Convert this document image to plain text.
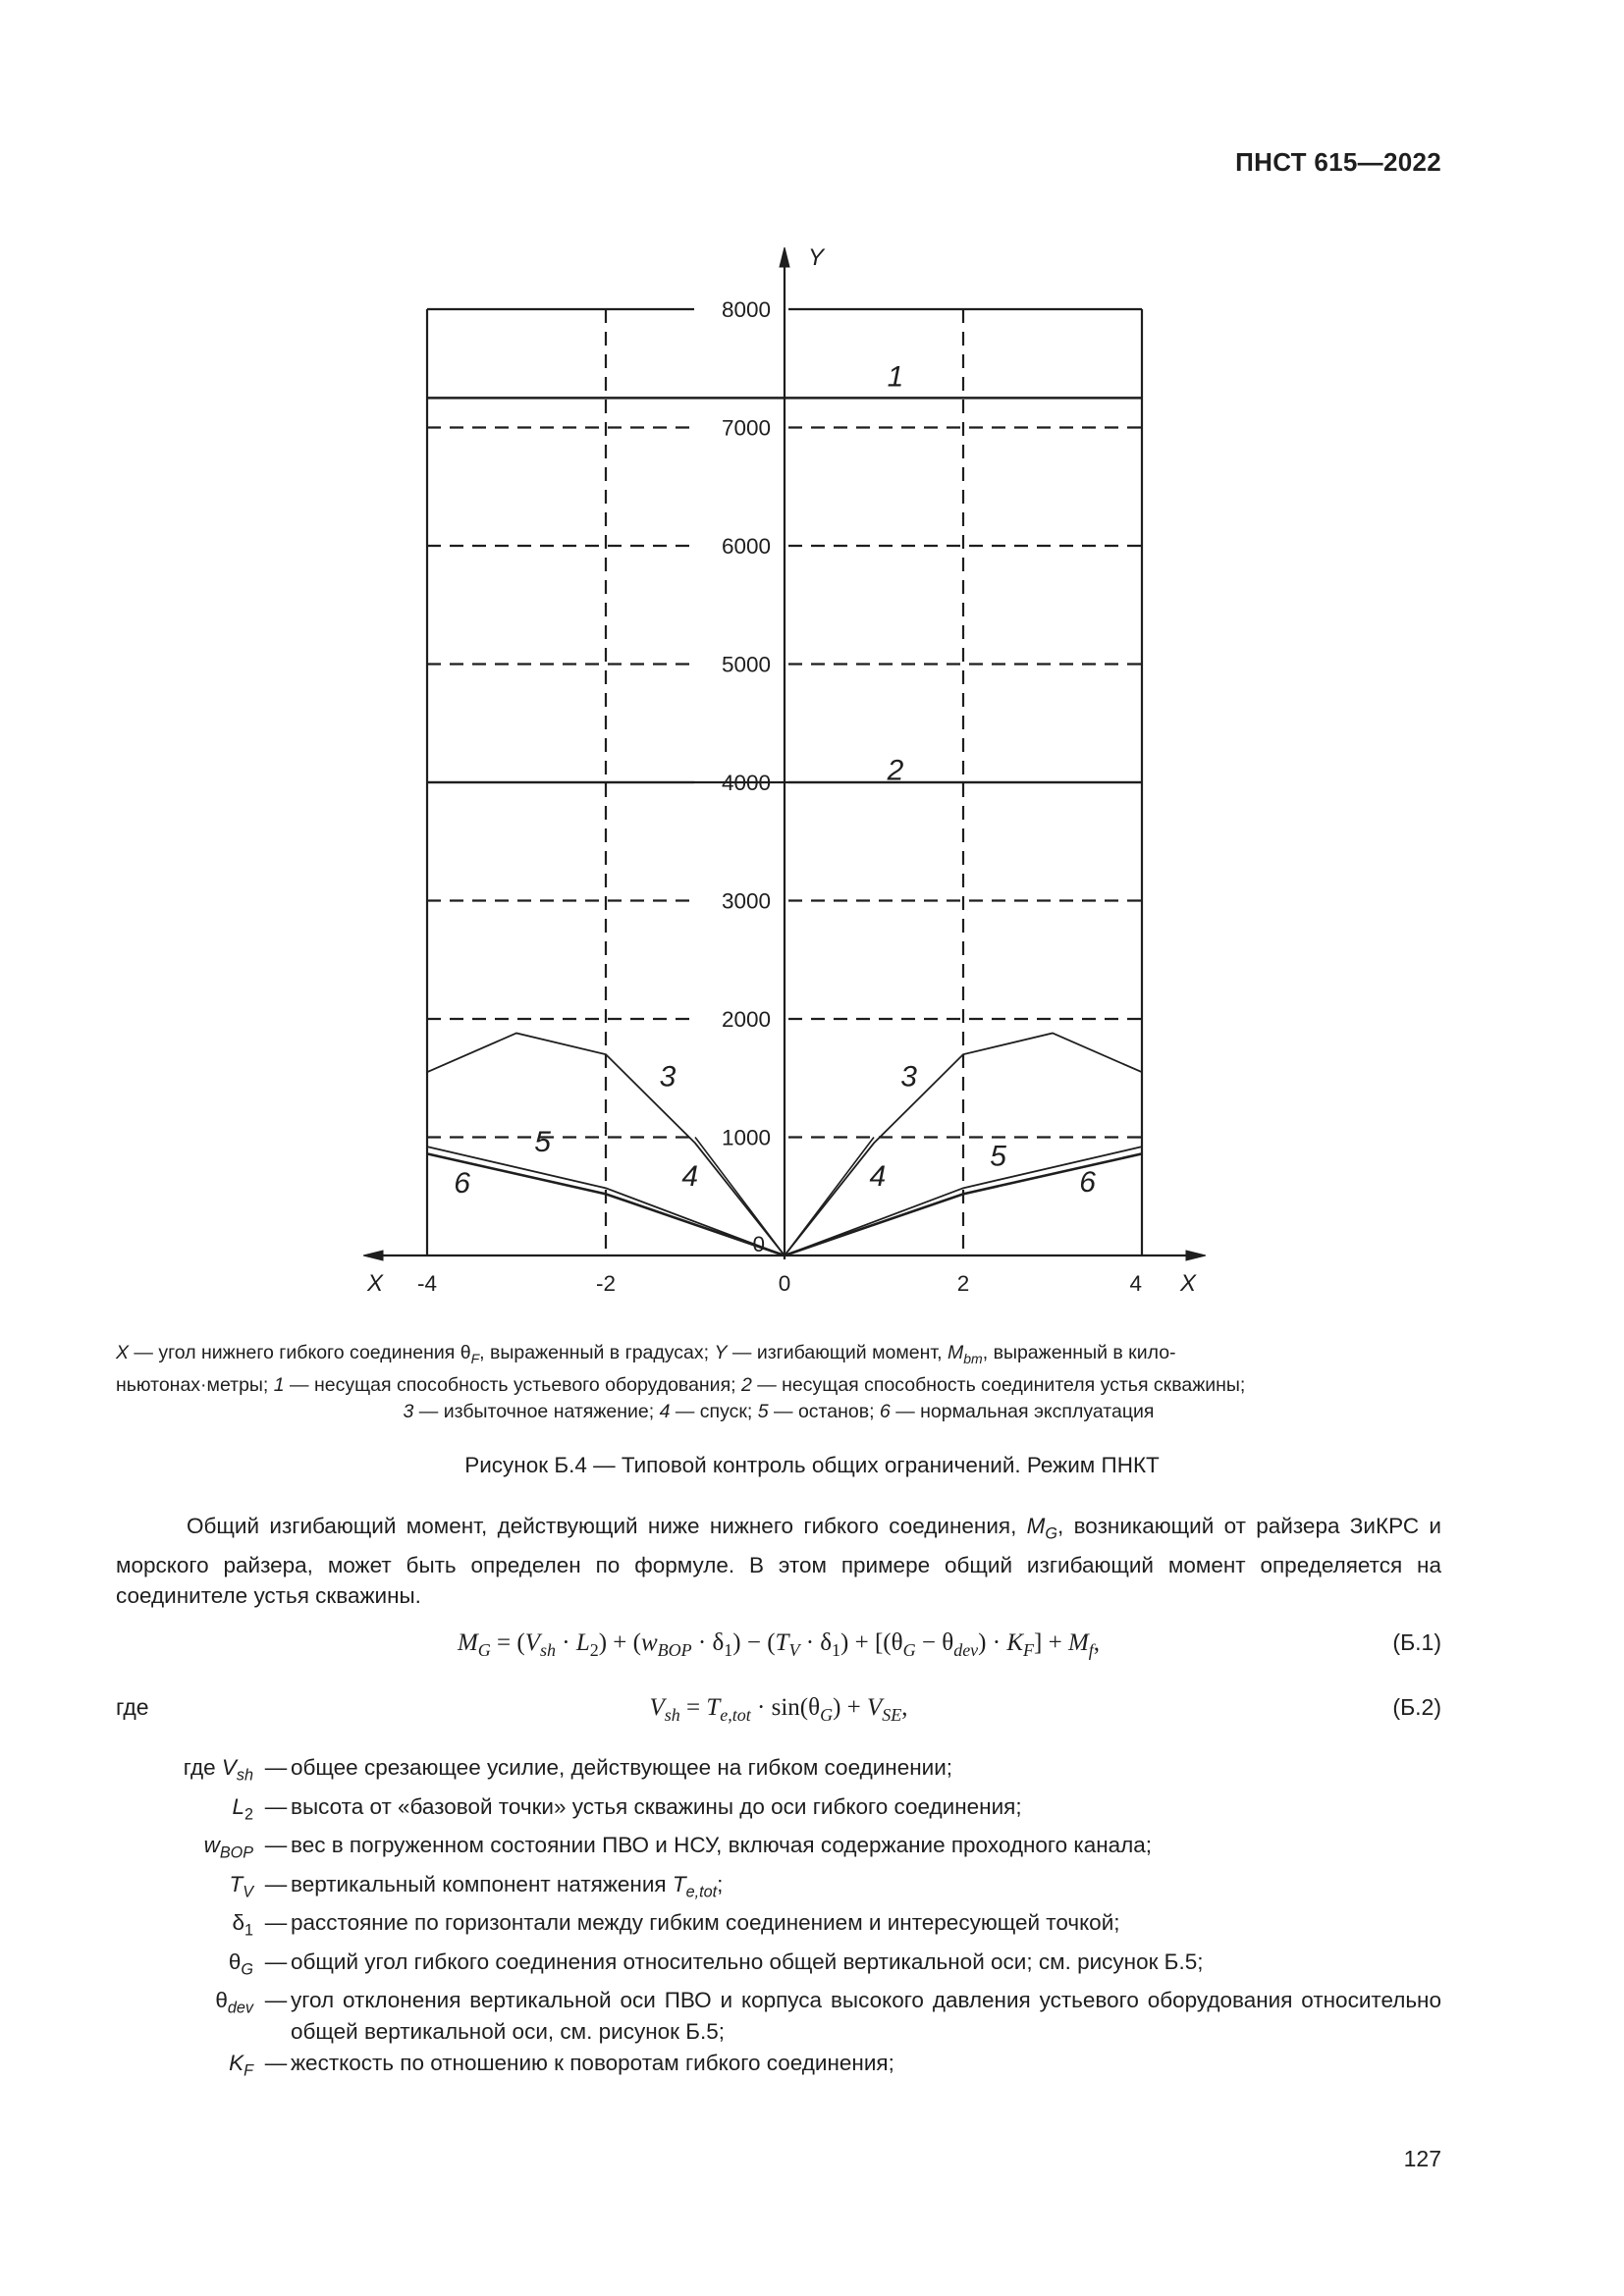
ПНСТ 615—2022
Y
X	X
0
1000
2000
3000
4000
5000
6000
7000
8000
-4	-2	0	2	4
1
2
3	3
4	4
5	5
6	6
X — угол нижнего гибкого соединения $\theta_F$, выраженный в градусах; Y — изгибающий момент, $M_{bm}$, выраженный в кило-
ньютонах·метры; 1 — несущая способность устьевого оборудования; 2 — несущая способность соединителя устья скважины;
3 — избыточное натяжение; 4 — спуск; 5 — останов; 6 — нормальная эксплуатация
Рисунок Б.4 — Типовой контроль общих ограничений. Режим ПНКТ
Общий изгибающий момент, действующий ниже нижнего гибкого соединения, $M_G$, возникающий от райзера ЗиКРС и морского райзера, может быть определен по формуле. В этом примере общий изгибающий момент определяется на соединителе устья скважины.
$M_G = (V_{sh} \cdot L_2) + (w_{BOP} \cdot \delta_1) - (T_V \cdot \delta_1) + [(\theta_G - \theta_{dev}) \cdot K_F] + M_f$,	(Б.1)
где	$V_{sh} = T_{e,tot} \cdot \sin(\theta_G) + V_{SE}$,	(Б.2)
где $V_{sh}$ — общее срезающее усилие, действующее на гибком соединении;
$L_2$ — высота от «базовой точки» устья скважины до оси гибкого соединения;
$w_{BOP}$ — вес в погруженном состоянии ПВО и НСУ, включая содержание проходного канала;
$T_V$ — вертикальный компонент натяжения $T_{e,tot}$;
$\delta_1$ — расстояние по горизонтали между гибким соединением и интересующей точкой;
$\theta_G$ — общий угол гибкого соединения относительно общей вертикальной оси; см. рисунок Б.5;
$\theta_{dev}$ — угол отклонения вертикальной оси ПВО и корпуса высокого давления устьевого оборудования относительно общей вертикальной оси, см. рисунок Б.5;
$K_F$ — жесткость по отношению к поворотам гибкого соединения;
127
